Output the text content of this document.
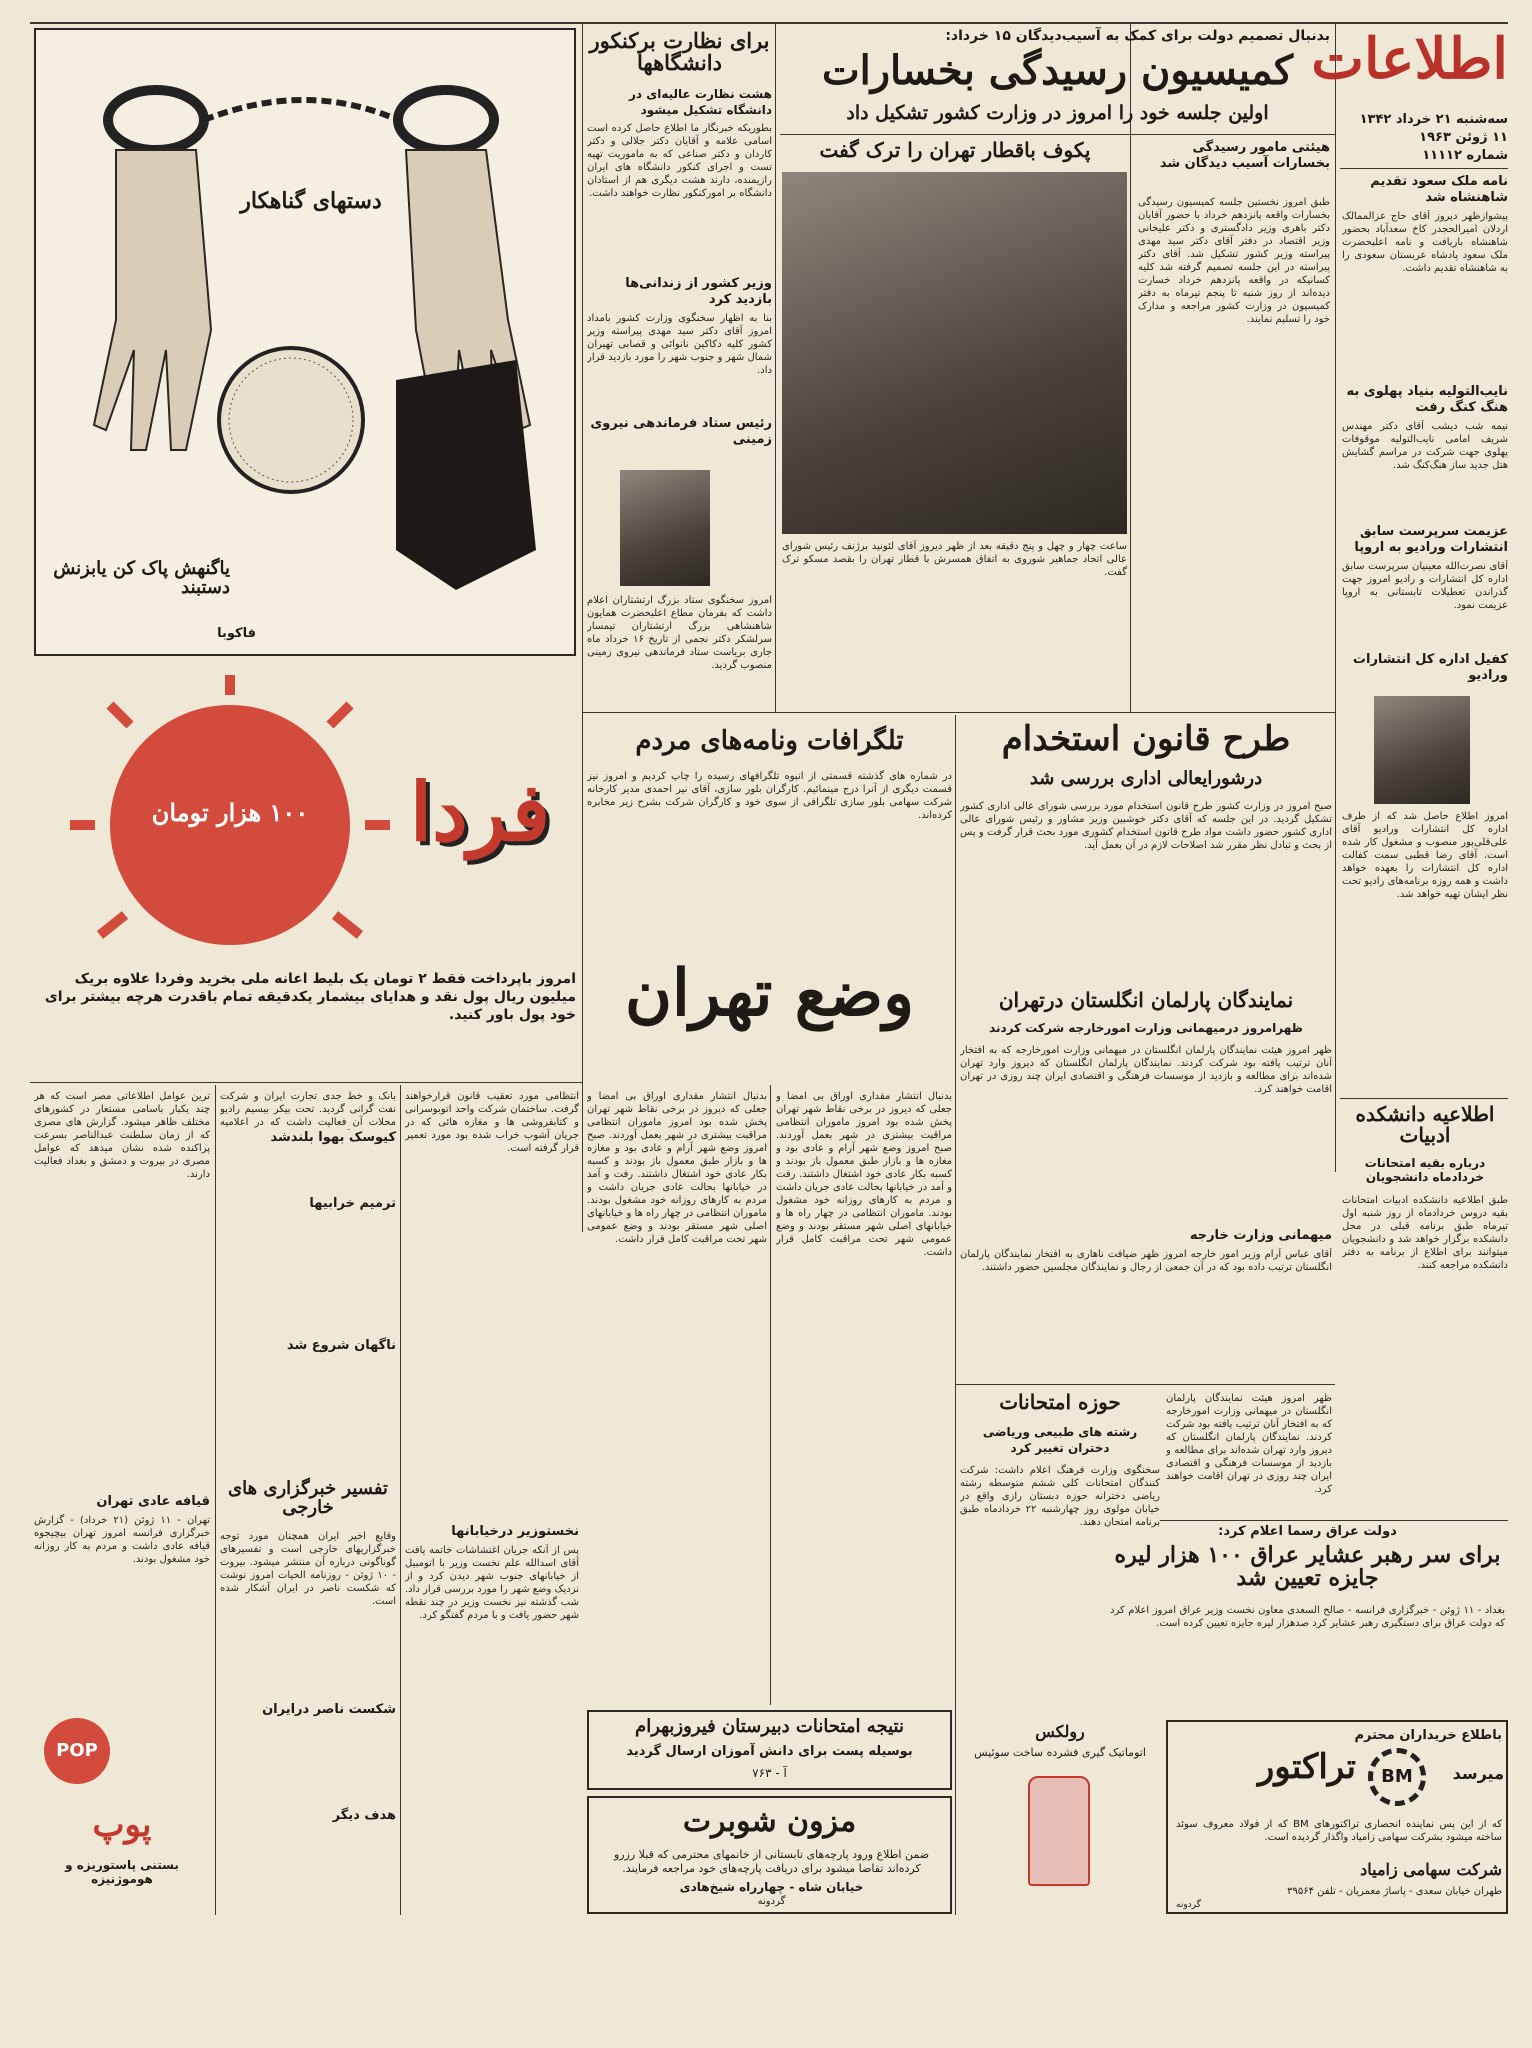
اطلاعات
سه‌شنبه ۲۱ خرداد ۱۳۴۲
۱۱ ژوئن ۱۹۶۳
شماره ۱۱۱۱۲
نامه ملک سعود تقدیم شاهنشاه شد
پیشوازظهر دیروز آقای حاج عزالممالک اردلان امیرالحجدر کاخ سعدآباد بحضور شاهنشاه باریافت و نامه اعلیحضرت ملک سعود پادشاه عربستان سعودی را به شاهنشاه تقدیم داشت.
نایب‌التولیه بنیاد پهلوی به هنگ کنگ رفت
نیمه شب دیشب آقای دکتر مهندس شریف امامی نایب‌التولیه موقوفات پهلوی جهت شرکت در مراسم گشایش هتل جدید ساز هنگ‌کنگ شد.
عزیمت سرپرست سابق انتشارات ورادیو به اروپا
آقای نصرت‌الله معینیان سرپرست سابق اداره کل انتشارات و رادیو امروز جهت گذراندن تعطیلات تابستانی به اروپا عزیمت نمود.
کفیل اداره کل انتشارات ورادیو
امروز اطلاع حاصل شد که از طرف اداره کل انتشارات ورادیو آقای علی‌قلی‌پور منصوب و مشغول کار شده است. آقای رضا قطبی سمت کفالت اداره کل انتشارات را بعهده خواهد داشت و همه روزه برنامه‌های رادیو تحت نظر ایشان تهیه خواهد شد.
اطلاعیه دانشکده ادبیات
درباره بقیه امتحانات خردادماه دانشجویان
طبق اطلاعیه دانشکده ادبیات امتحانات بقیه دروس خردادماه از روز شنبه اول تیرماه طبق برنامه قبلی در محل دانشکده برگزار خواهد شد و دانشجویان میتوانند برای اطلاع از برنامه به دفتر دانشکده مراجعه کنند.
بدنبال تصمیم دولت برای کمک به آسیب‌دیدگان ۱۵ خرداد:
کمیسیون رسیدگی بخسارات
اولین جلسه خود را امروز در وزارت کشور تشکیل داد
هیئتی مامور رسیدگی بخسارات آسیب دیدگان شد
طبق امروز نخستین جلسه کمیسیون رسیدگی بخسارات واقعه پانزدهم خرداد با حضور آقایان دکتر باهری وزیر دادگستری و دکتر علیخانی وزیر اقتصاد در دفتر آقای دکتر سید مهدی پیراسته وزیر کشور تشکیل شد. آقای دکتر پیراسته در این جلسه تصمیم گرفته شد کلیه کسانیکه در واقعه پانزدهم خرداد خسارت دیده‌اند از روز شنبه تا پنجم تیرماه به دفتر کمیسیون در وزارت کشور مراجعه و مدارک خود را تسلیم نمایند.
پکوف باقطار تهران را ترک گفت
ساعت چهار و چهل و پنج دقیقه بعد از ظهر دیروز آقای لئونید برژنف رئیس شورای عالی اتحاد جماهیر شوروی به اتفاق همسرش با قطار تهران را بقصد مسکو ترک گفت.
برای نظارت برکنکور دانشگاهها
هشت نظارت عالیه‌ای در دانشگاه تشکیل میشود
بطوریکه خبرنگار ما اطلاع حاصل کرده است اسامی علامه و آقایان دکتر جلالی و دکتر کاردان و دکتر صناعی که به ماموریت تهیه تست و اجرای کنکور دانشگاه های ایران رازیمنده، دارند هشت دیگری هم از استادان دانشگاه بر امورکنکور نظارت خواهند داشت.
وزیر کشور از زندانی‌ها بازدید کرد
بنا به اظهار سخنگوی وزارت کشور بامداد امروز آقای دکتر سید مهدی پیراسته وزیر کشور کلیه دکاکین نانوائی و قصابی تهیران شمال شهر و جنوب شهر را مورد بازدید قرار داد.
رئیس ستاد فرماندهی نیروی زمینی
امروز سخنگوی ستاد بزرگ ارتشتاران اعلام داشت که بفرمان مطاع اعلیحضرت همایون شاهنشاهی بزرگ ارتشتاران تیمسار سرلشکر دکتر نجمی از تاریخ ۱۶ خرداد ماه جاری بریاست ستاد فرماندهی نیروی زمینی منصوب گردید.
دستهای گناهکار
یاگنهش پاک کن یابزنش دستبند
فاکوبا
۱۰۰ هزار تومان	فردا
امروز باپرداخت فقط ۲ تومان یک بلیط اعانه ملی بخرید وفردا علاوه بریک میلیون ریال پول نقد و هدایای بیشمار یکدقیقه تمام باقدرت هرچه بیشتر برای خود پول باور کنید.
طرح قانون استخدام
درشورایعالی اداری بررسی شد
صبح امروز در وزارت کشور طرح قانون استخدام مورد بررسی شورای عالی اداری کشور تشکیل گردید. در این جلسه که آقای دکتر خوشبین وزیر مشاور و رئیس شورای عالی اداری کشور حضور داشت مواد طرح قانون استخدام کشوری مورد بحث قرار گرفت و پس از بحث و تبادل نظر مقرر شد اصلاحات لازم در آن بعمل آید.
تلگرافات ونامه‌های مردم
در شماره های گذشته قسمتی از انبوه تلگرافهای رسیده را چاپ کردیم و امروز نیز قسمت دیگری از آنرا درج مینمائیم. کارگران بلور سازی، آقای نیر احمدی مدیر کارخانه شرکت سهامی بلور سازی تلگرافی از سوی خود و کارگران شرکت بشرح زیر مخابره کرده‌اند.
نمایندگان پارلمان انگلستان درتهران
ظهرامروز درمیهمانی وزارت امورخارجه شرکت کردند
ظهر امروز هیئت نمایندگان پارلمان انگلستان در میهمانی وزارت امورخارجه که به افتخار آنان ترتیب یافته بود شرکت کردند. نمایندگان پارلمان انگلستان که دیروز وارد تهران شده‌اند برای مطالعه و بازدید از موسسات فرهنگی و اقتصادی ایران چند روزی در تهران اقامت خواهند کرد.
میهمانی وزارت خارجه
آقای عباس آرام وزیر امور خارجه امروز ظهر ضیافت ناهاری به افتخار نمایندگان پارلمان انگلستان ترتیب داده بود که در آن جمعی از رجال و نمایندگان مجلسین حضور داشتند.
وضع تهران
بدنبال انتشار مقداری اوراق بی امضا و جعلی که دیروز در برخی نقاط شهر تهران پخش شده بود امروز ماموران انتظامی مراقبت بیشتری در شهر بعمل آوردند. صبح امروز وضع شهر آرام و عادی بود و مغازه ها و بازار طبق معمول باز بودند و کسبه بکار عادی خود اشتغال داشتند. رفت و آمد در خیابانها بحالت عادی جریان داشت و مردم به کارهای روزانه خود مشغول بودند. ماموران انتظامی در چهار راه ها و خیابانهای اصلی شهر مستقر بودند و وضع عمومی شهر تحت مراقبت کامل قرار داشت.
بدنبال انتشار مقداری اوراق بی امضا و جعلی که دیروز در برخی نقاط شهر تهران پخش شده بود امروز ماموران انتظامی مراقبت بیشتری در شهر بعمل آوردند. صبح امروز وضع شهر آرام و عادی بود و مغازه ها و بازار طبق معمول باز بودند و کسبه بکار عادی خود اشتغال داشتند. رفت و آمد در خیابانها بحالت عادی جریان داشت و مردم به کارهای روزانه خود مشغول بودند. ماموران انتظامی در چهار راه ها و خیابانهای اصلی شهر مستقر بودند و وضع عمومی شهر تحت مراقبت کامل قرار داشت.
حوزه امتحانات
رشته های طبیعی وریاضی دختران تغییر کرد
سخنگوی وزارت فرهنگ اعلام داشت: شرکت کنندگان امتحانات کلی ششم متوسطه رشته ریاضی دخترانه حوزه دبستان رازی واقع در خیابان مولوی روز چهارشنبه ۲۲ خردادماه طبق برنامه امتحان دهند.
ظهر امروز هیئت نمایندگان پارلمان انگلستان در میهمانی وزارت امورخارجه که به افتخار آنان ترتیب یافته بود شرکت کردند. نمایندگان پارلمان انگلستان که دیروز وارد تهران شده‌اند برای مطالعه و بازدید از موسسات فرهنگی و اقتصادی ایران چند روزی در تهران اقامت خواهند کرد.
دولت عراق رسما اعلام کرد:
برای سر رهبر عشایر عراق ۱۰۰ هزار لیره جایزه تعیین شد
بغداد - ۱۱ ژوئن - خبرگزاری فرانسه - صالح السعدی معاون نخست وزیر عراق امروز اعلام کرد که دولت عراق برای دستگیری رهبر عشایر کرد صدهزار لیره جایزه تعیین کرده است.
ترین عوامل اطلاعاتی مصر است که هر چند یکبار باسامی مستعار در کشورهای مختلف ظاهر میشود. گزارش های مصری که از زمان سلطنت عبدالناصر بسرعت پراکنده شده نشان میدهد که عوامل مصری در بیروت و دمشق و بغداد فعالیت دارند.
قیافه عادی تهران
تهران - ۱۱ ژوئن (۲۱ خرداد) - گزارش خبرگزاری فرانسه امروز تهران بیچیجوه قیافه عادی داشت و مردم به کار روزانه خود مشغول بودند.
بانک و خط جدی تجارت ایران و شرکت نفت گرانی گردید. تحت بیکر بیسیم رادیو محلات آن فعالیت داشت که در اعلامیه
کیوسک بهوا بلندشد
ترمیم خرابیها
ناگهان شروع شد
تفسیر خبرگزاری های خارجی
وقایع اخیر ایران همچنان مورد توجه خبرگزاریهای خارجی است و تفسیرهای گوناگونی درباره آن منتشر میشود. بیروت - ۱۰ ژوئن - روزنامه الحیات امروز نوشت که شکست ناصر در ایران آشکار شده است.
شکست ناصر درایران
هدف دیگر
انتظامی مورد تعقیب قانون قرارخواهند گرفت. ساختمان شرکت واحد اتوبوسرانی و کتابفروشی ها و مغازه هائی که در جریان آشوب خراب شده بود مورد تعمیر قرار گرفته است.
نخستوزیر درخیابانها
پس از آنکه جریان اغتشاشات خاتمه یافت آقای اسدالله علم نخست وزیر با اتومبیل از خیابانهای جنوب شهر دیدن کرد و از نزدیک وضع شهر را مورد بررسی قرار داد. شب گذشته نیز نخست وزیر در چند نقطه شهر حضور یافت و با مردم گفتگو کرد.
نتیجه امتحانات دبیرستان فیروزبهرام
بوسیله پست برای دانش آموزان ارسال گردید
آ - ۷۶۳
مزون شوبرت
ضمن اطلاع ورود پارچه‌های تابستانی از خانمهای محترمی که قبلا رزرو کرده‌اند تقاضا میشود برای دریافت پارچه‌های خود مراجعه فرمایند.
خیابان شاه - چهارراه شیخ‌هادی
گردونه
رولکس
اتوماتیک گیری فشرده ساخت سوئیس
POP
پوپ
بستنی پاستوریزه و هوموژنیزه
باطلاع خریداران محترم
تراکتور	BM	میرسد
که از این پس نماینده انحصاری تراکتورهای BM که از فولاد معروف سوئد ساخته میشود بشرکت سهامی زامیاد واگذار گردیده است.
شرکت سهامی زامیاد
طهران خیابان سعدی - پاساژ معمریان - تلفن ۳۹۵۶۴
گردونه
